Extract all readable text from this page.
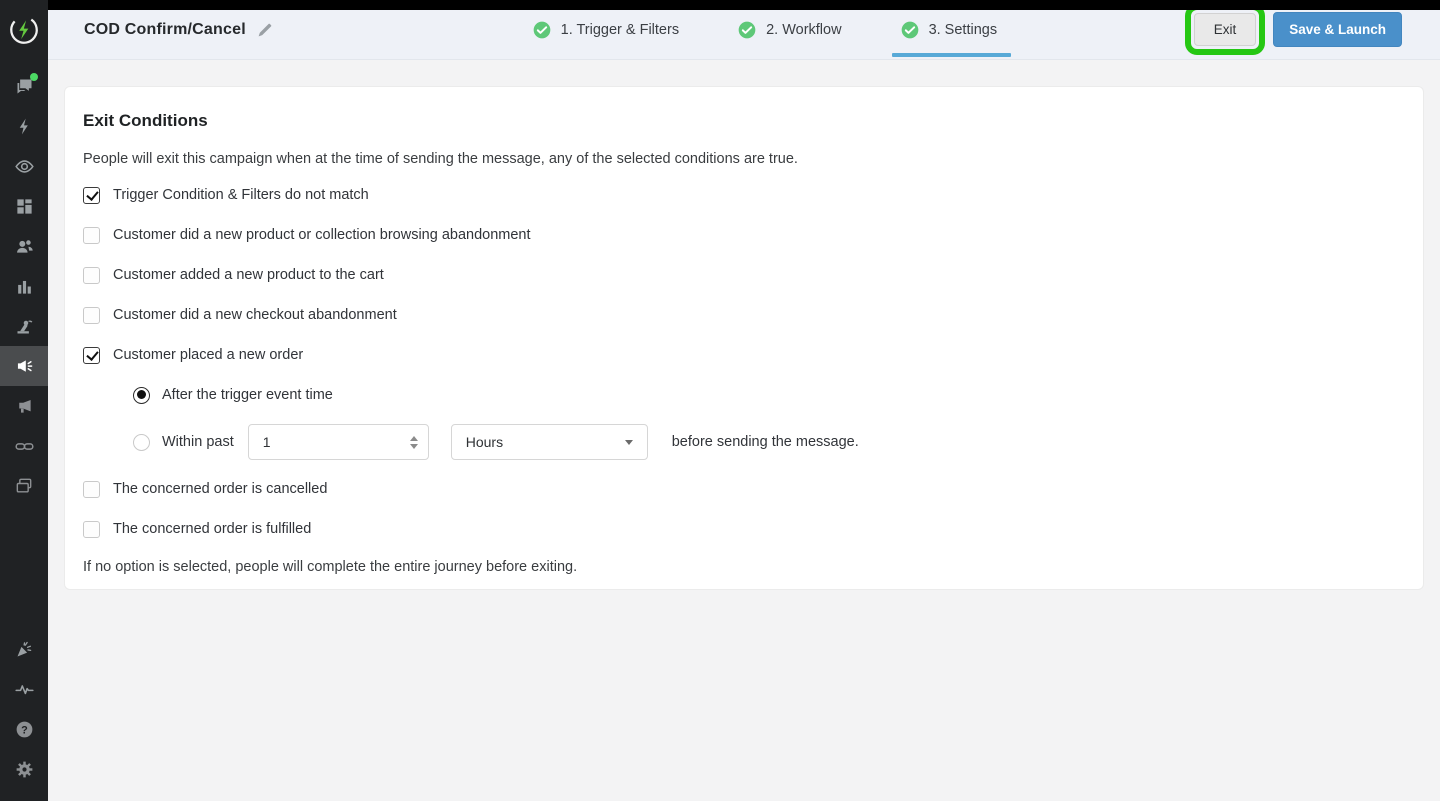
?
COD Confirm/Cancel	1. Trigger & Filters	2. Workflow	3. Settings	Exit	Save & Launch
Exit Conditions

People will exit this campaign when at the time of sending the message, any of the selected conditions are true.

Trigger Condition & Filters do not match
Customer did a new product or collection browsing abandonment
Customer added a new product to the cart
Customer did a new checkout abandonment
Customer placed a new order
After the trigger event time
Within past
1	Hours	before sending the message.
The concerned order is cancelled
The concerned order is fulfilled

If no option is selected, people will complete the entire journey before exiting.
